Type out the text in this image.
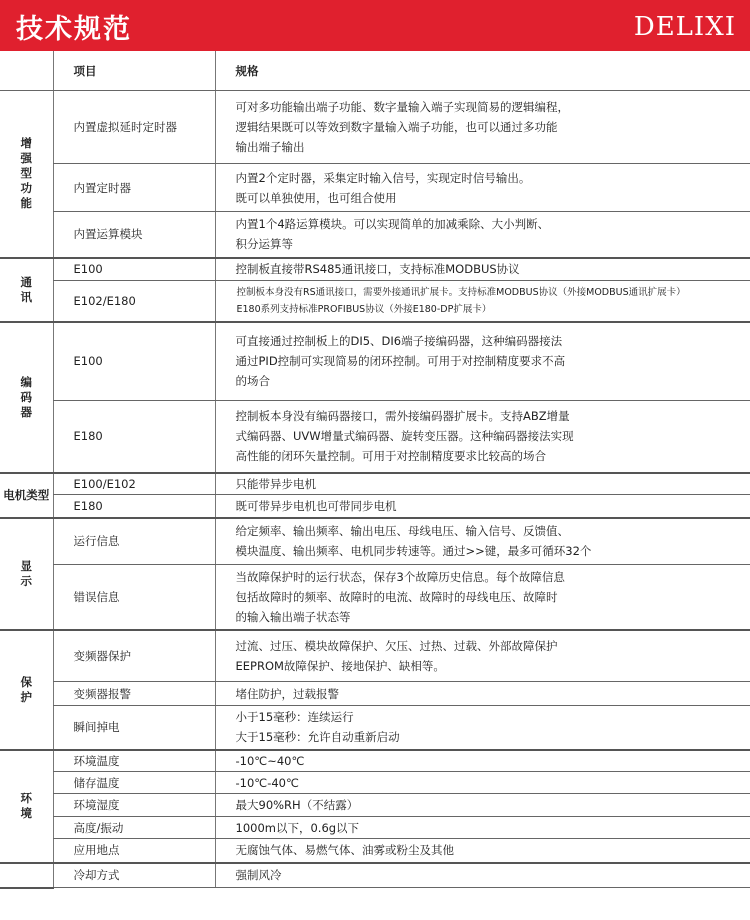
技术规范	DELIXI
	项目	规格
增强型功能	内置虚拟延时定时器	可对多功能输出端子功能、数字量输入端子实现简易的逻辑编程，
逻辑结果既可以等效到数字量输入端子功能，也可以通过多功能
输出端子输出

	内置定时器	内置2个定时器，采集定时输入信号，实现定时信号输出。
既可以单独使用，也可组合使用

	内置运算模块	内置1个4路运算模块。可以实现简单的加减乘除、大小判断、
积分运算等

通讯	E100	控制板直接带RS485通讯接口，支持标准MODBUS协议

	E102/E180	控制板本身没有RS通讯接口，需要外接通讯扩展卡。支持标准MODBUS协议（外接MODBUS通讯扩展卡）
E180系列支持标准PROFIBUS协议（外接E180-DP扩展卡）

编码器	E100	可直接通过控制板上的DI5、DI6端子接编码器，这种编码器接法
通过PID控制可实现简易的闭环控制。可用于对控制精度要求不高
的场合

	E180	控制板本身没有编码器接口，需外接编码器扩展卡。支持ABZ增量
式编码器、UVW增量式编码器、旋转变压器。这种编码器接法实现
高性能的闭环矢量控制。可用于对控制精度要求比较高的场合

电机类型	E100/E102	只能带异步电机

	E180	既可带异步电机也可带同步电机

显示	运行信息	给定频率、输出频率、输出电压、母线电压、输入信号、反馈值、
模块温度、输出频率、电机同步转速等。通过>>键，最多可循环32个

	错误信息	当故障保护时的运行状态，保存3个故障历史信息。每个故障信息
包括故障时的频率、故障时的电流、故障时的母线电压、故障时
的输入输出端子状态等

保护	变频器保护	过流、过压、模块故障保护、欠压、过热、过载、外部故障保护
EEPROM故障保护、接地保护、缺相等。

	变频器报警	堵住防护，过载报警

	瞬间掉电	小于15毫秒：连续运行
大于15毫秒：允许自动重新启动

环境	环境温度	-10℃~40℃

	储存温度	-10℃-40℃

	环境湿度	最大90%RH（不结露）

	高度/振动	1000m以下，0.6g以下

	应用地点	无腐蚀气体、易燃气体、油雾或粉尘及其他

	冷却方式	强制风冷
